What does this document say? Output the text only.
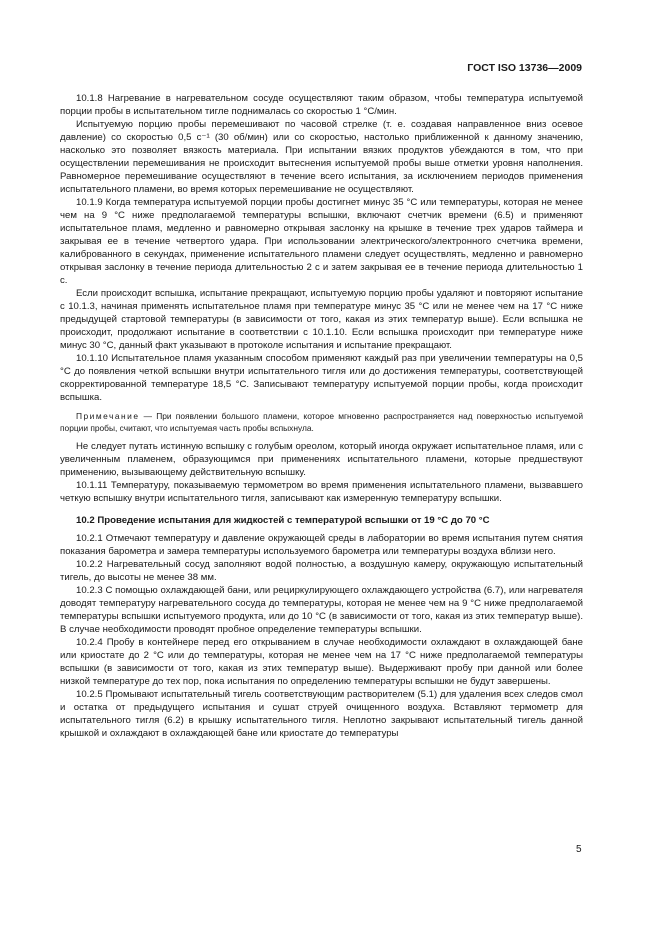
ГОСТ ISO 13736—2009

10.1.8 Нагревание в нагревательном сосуде осуществляют таким образом, чтобы температура испытуемой порции пробы в испытательном тигле поднималась со скоростью 1 °С/мин.

Испытуемую порцию пробы перемешивают по часовой стрелке (т. е. создавая направленное вниз осевое давление) со скоростью 0,5 с⁻¹ (30 об/мин) или со скоростью, настолько приближенной к данному значению, насколько это позволяет вязкость материала. При испытании вязких продуктов убеждаются в том, что при осуществлении перемешивания не происходит вытеснения испытуемой пробы выше отметки уровня наполнения. Равномерное перемешивание осуществляют в течение всего испытания, за исключением периодов применения испытательного пламени, во время которых перемешивание не осуществляют.

10.1.9 Когда температура испытуемой порции пробы достигнет минус 35 °С или температуры, которая не менее чем на 9 °С ниже предполагаемой температуры вспышки, включают счетчик времени (6.5) и применяют испытательное пламя, медленно и равномерно открывая заслонку на крышке в течение трех ударов таймера и закрывая ее в течение четвертого удара. При использовании электрического/электронного счетчика времени, калиброванного в секундах, применение испытательного пламени следует осуществлять, медленно и равномерно открывая заслонку в течение периода длительностью 2 с и затем закрывая ее в течение периода длительностью 1 с.

Если происходит вспышка, испытание прекращают, испытуемую порцию пробы удаляют и повторяют испытание с 10.1.3, начиная применять испытательное пламя при температуре минус 35 °С или не менее чем на 17 °С ниже предыдущей стартовой температуры (в зависимости от того, какая из этих температур выше). Если вспышка не происходит, продолжают испытание в соответствии с 10.1.10. Если вспышка происходит при температуре ниже минус 30 °С, данный факт указывают в протоколе испытания и испытание прекращают.

10.1.10 Испытательное пламя указанным способом применяют каждый раз при увеличении температуры на 0,5 °С до появления четкой вспышки внутри испытательного тигля или до достижения температуры, соответствующей скорректированной температуре 18,5 °С. Записывают температуру испытуемой порции пробы, когда происходит вспышка.

Примечание — При появлении большого пламени, которое мгновенно распространяется над поверхностью испытуемой порции пробы, считают, что испытуемая часть пробы вспыхнула.

Не следует путать истинную вспышку с голубым ореолом, который иногда окружает испытательное пламя, или с увеличенным пламенем, образующимся при применениях испытательного пламени, которые предшествуют применению, вызывающему действительную вспышку.

10.1.11 Температуру, показываемую термометром во время применения испытательного пламени, вызвавшего четкую вспышку внутри испытательного тигля, записывают как измеренную температуру вспышки.

10.2 Проведение испытания для жидкостей с температурой вспышки от 19 °С до 70 °С

10.2.1 Отмечают температуру и давление окружающей среды в лаборатории во время испытания путем снятия показания барометра и замера температуры используемого барометра или температуры воздуха вблизи него.

10.2.2 Нагревательный сосуд заполняют водой полностью, а воздушную камеру, окружающую испытательный тигель, до высоты не менее 38 мм.

10.2.3 С помощью охлаждающей бани, или рециркулирующего охлаждающего устройства (6.7), или нагревателя доводят температуру нагревательного сосуда до температуры, которая не менее чем на 9 °С ниже предполагаемой температуры вспышки испытуемого продукта, или до 10 °С (в зависимости от того, какая из этих температур выше). В случае необходимости проводят пробное определение температуры вспышки.

10.2.4 Пробу в контейнере перед его открыванием в случае необходимости охлаждают в охлаждающей бане или криостате до 2 °С или до температуры, которая не менее чем на 17 °С ниже предполагаемой температуры вспышки (в зависимости от того, какая из этих температур выше). Выдерживают пробу при данной или более низкой температуре до тех пор, пока испытания по определению температуры вспышки не будут завершены.

10.2.5 Промывают испытательный тигель соответствующим растворителем (5.1) для удаления всех следов смол и остатка от предыдущего испытания и сушат струей очищенного воздуха. Вставляют термометр для испытательного тигля (6.2) в крышку испытательного тигля. Неплотно закрывают испытательный тигель данной крышкой и охлаждают в охлаждающей бане или криостате до температуры

5
